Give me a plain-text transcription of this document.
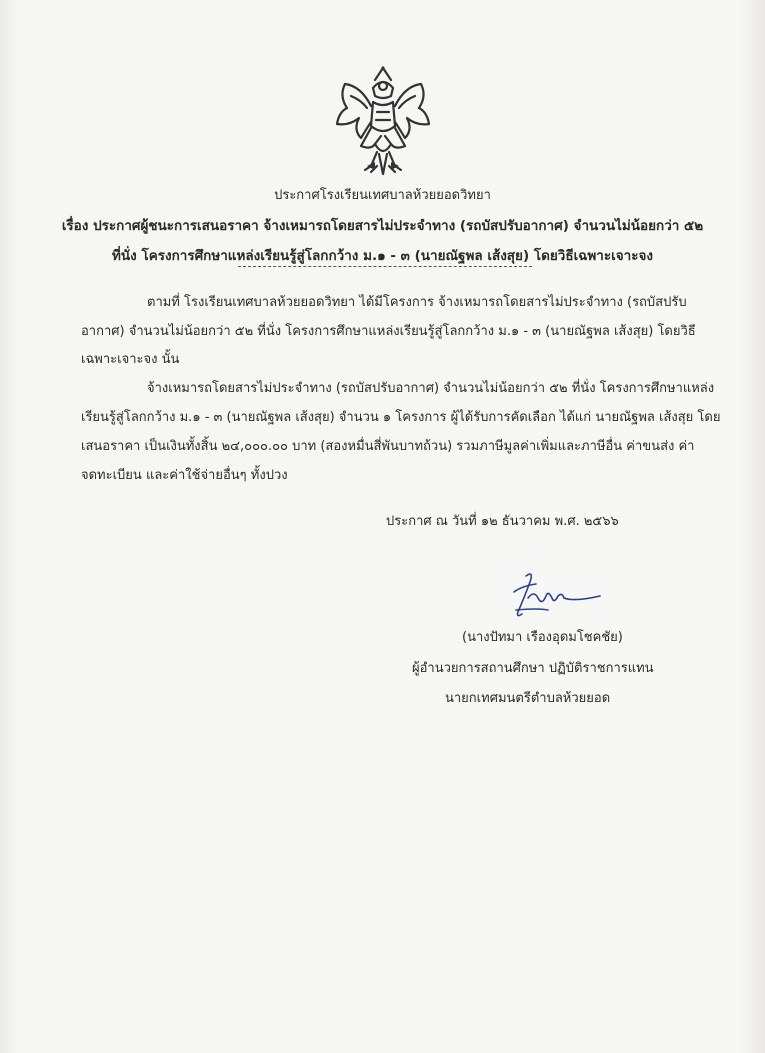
ประกาศโรงเรียนเทศบาลห้วยยอดวิทยา
เรื่อง ประกาศผู้ชนะการเสนอราคา จ้างเหมารถโดยสารไม่ประจำทาง (รถบัสปรับอากาศ) จำนวนไม่น้อยกว่า ๕๒
ที่นั่ง โครงการศึกษาแหล่งเรียนรู้สู่โลกกว้าง ม.๑ - ๓ (นายณัฐพล เส้งสุย) โดยวิธีเฉพาะเจาะจง
ตามที่ โรงเรียนเทศบาลห้วยยอดวิทยา ได้มีโครงการ จ้างเหมารถโดยสารไม่ประจำทาง (รถบัสปรับ
อากาศ) จำนวนไม่น้อยกว่า ๕๒ ที่นั่ง โครงการศึกษาแหล่งเรียนรู้สู่โลกกว้าง ม.๑ - ๓ (นายณัฐพล เส้งสุย) โดยวิธี
เฉพาะเจาะจง นั้น
จ้างเหมารถโดยสารไม่ประจำทาง (รถบัสปรับอากาศ) จำนวนไม่น้อยกว่า ๕๒ ที่นั่ง โครงการศึกษาแหล่ง
เรียนรู้สู่โลกกว้าง ม.๑ - ๓ (นายณัฐพล เส้งสุย) จำนวน ๑ โครงการ ผู้ได้รับการคัดเลือก ได้แก่ นายณัฐพล เส้งสุย โดย
เสนอราคา เป็นเงินทั้งสิ้น ๒๔,๐๐๐.๐๐ บาท (สองหมื่นสี่พันบาทถ้วน) รวมภาษีมูลค่าเพิ่มและภาษีอื่น ค่าขนส่ง ค่า
จดทะเบียน และค่าใช้จ่ายอื่นๆ ทั้งปวง
ประกาศ ณ วันที่ ๑๒ ธันวาคม พ.ศ. ๒๕๖๖
(นางปัทมา เรืองอุดมโชคชัย)
ผู้อำนวยการสถานศึกษา ปฏิบัติราชการแทน
นายกเทศมนตรีตำบลห้วยยอด
